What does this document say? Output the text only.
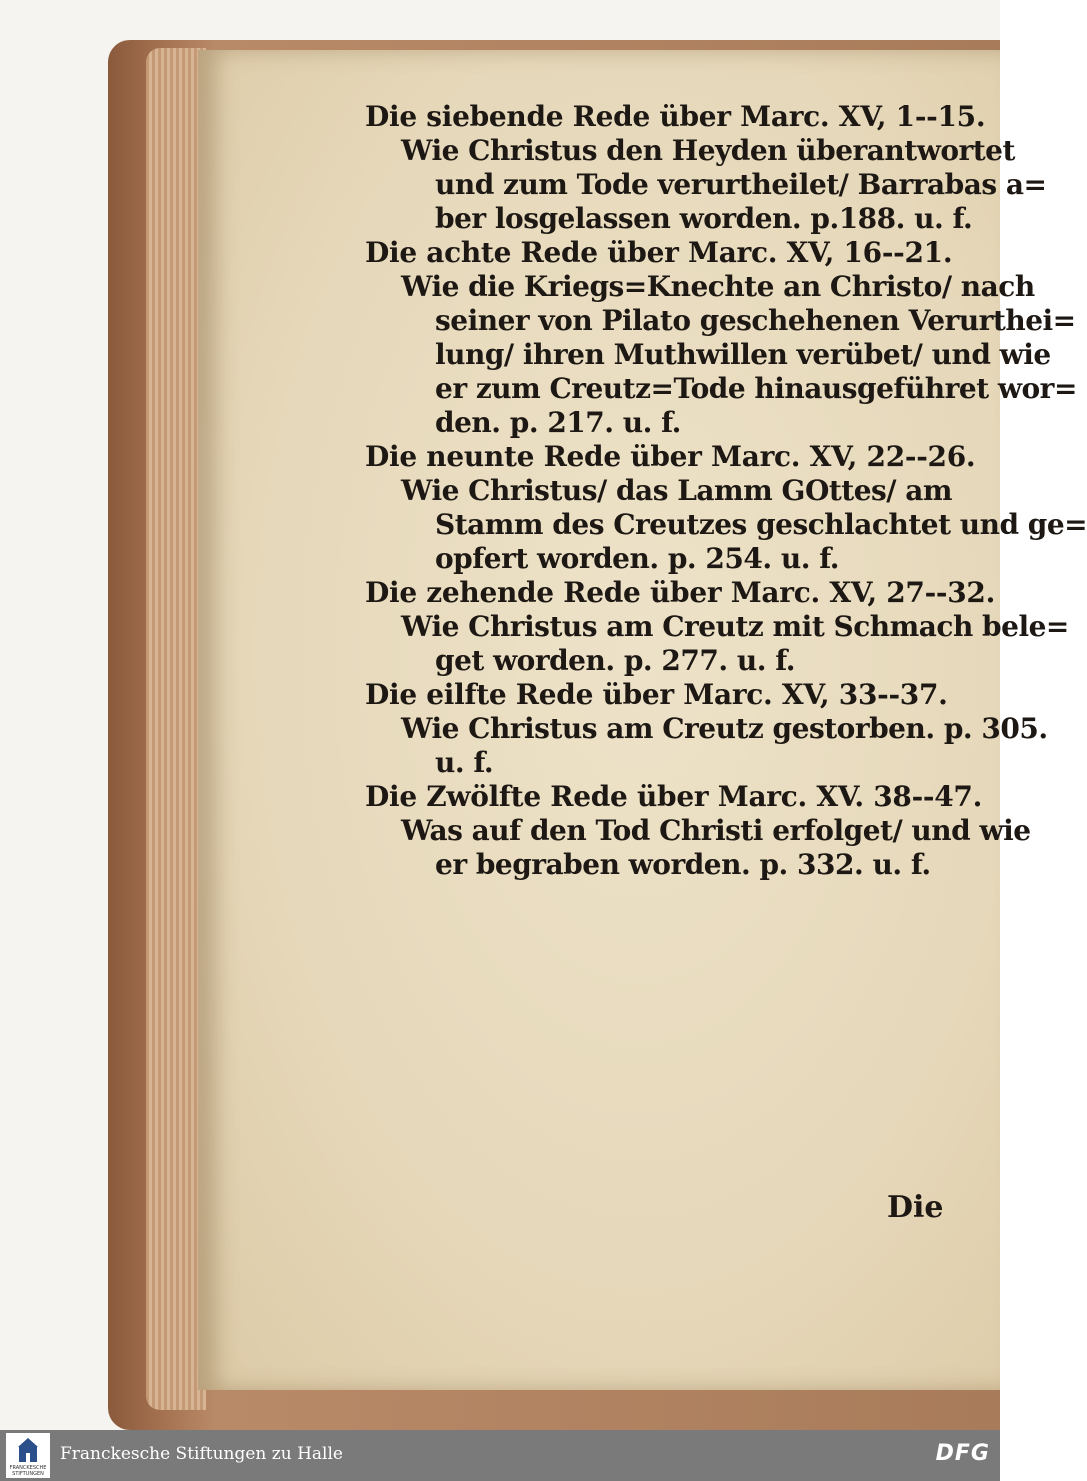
Die siebende Rede über Marc. XV, 1--15.
Wie Christus den Heyden überantwortet
und zum Tode verurtheilet/ Barrabas a=
ber losgelassen worden. p.188. u. f.
Die achte Rede über Marc. XV, 16--21.
Wie die Kriegs=Knechte an Christo/ nach
seiner von Pilato geschehenen Verurthei=
lung/ ihren Muthwillen verübet/ und wie
er zum Creutz=Tode hinausgeführet wor=
den. p. 217. u. f.
Die neunte Rede über Marc. XV, 22--26.
Wie Christus/ das Lamm GOttes/ am
Stamm des Creutzes geschlachtet und ge=
opfert worden. p. 254. u. f.
Die zehende Rede über Marc. XV, 27--32.
Wie Christus am Creutz mit Schmach bele=
get worden. p. 277. u. f.
Die eilfte Rede über Marc. XV, 33--37.
Wie Christus am Creutz gestorben. p. 305.
u. f.
Die Zwölfte Rede über Marc. XV. 38--47.
Was auf den Tod Christi erfolget/ und wie
er begraben worden. p. 332. u. f.
Die
FRANCKESCHE
STIFTUNGEN
Franckesche Stiftungen zu Halle	DFG
